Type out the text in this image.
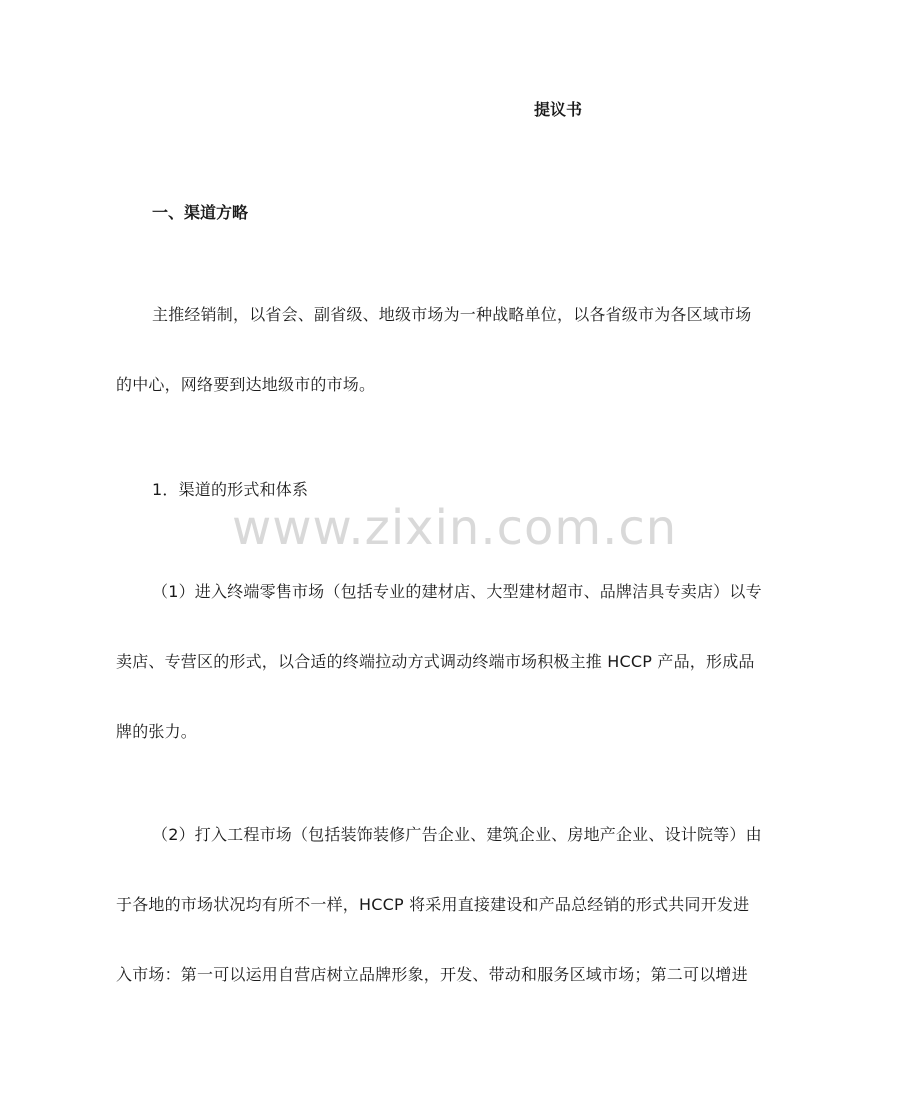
提议书
一、渠道方略
主推经销制，以省会、副省级、地级市场为一种战略单位，以各省级市为各区域市场
的中心，网络要到达地级市的市场。
1．渠道的形式和体系
（1）进入终端零售市场（包括专业的建材店、大型建材超市、品牌洁具专卖店）以专
卖店、专营区的形式，以合适的终端拉动方式调动终端市场积极主推 HCCP 产品，形成品
牌的张力。
（2）打入工程市场（包括装饰装修广告企业、建筑企业、房地产企业、设计院等）由
于各地的市场状况均有所不一样，HCCP 将采用直接建设和产品总经销的形式共同开发进
入市场：第一可以运用自营店树立品牌形象，开发、带动和服务区域市场；第二可以增进
www.zixin.com.cn
